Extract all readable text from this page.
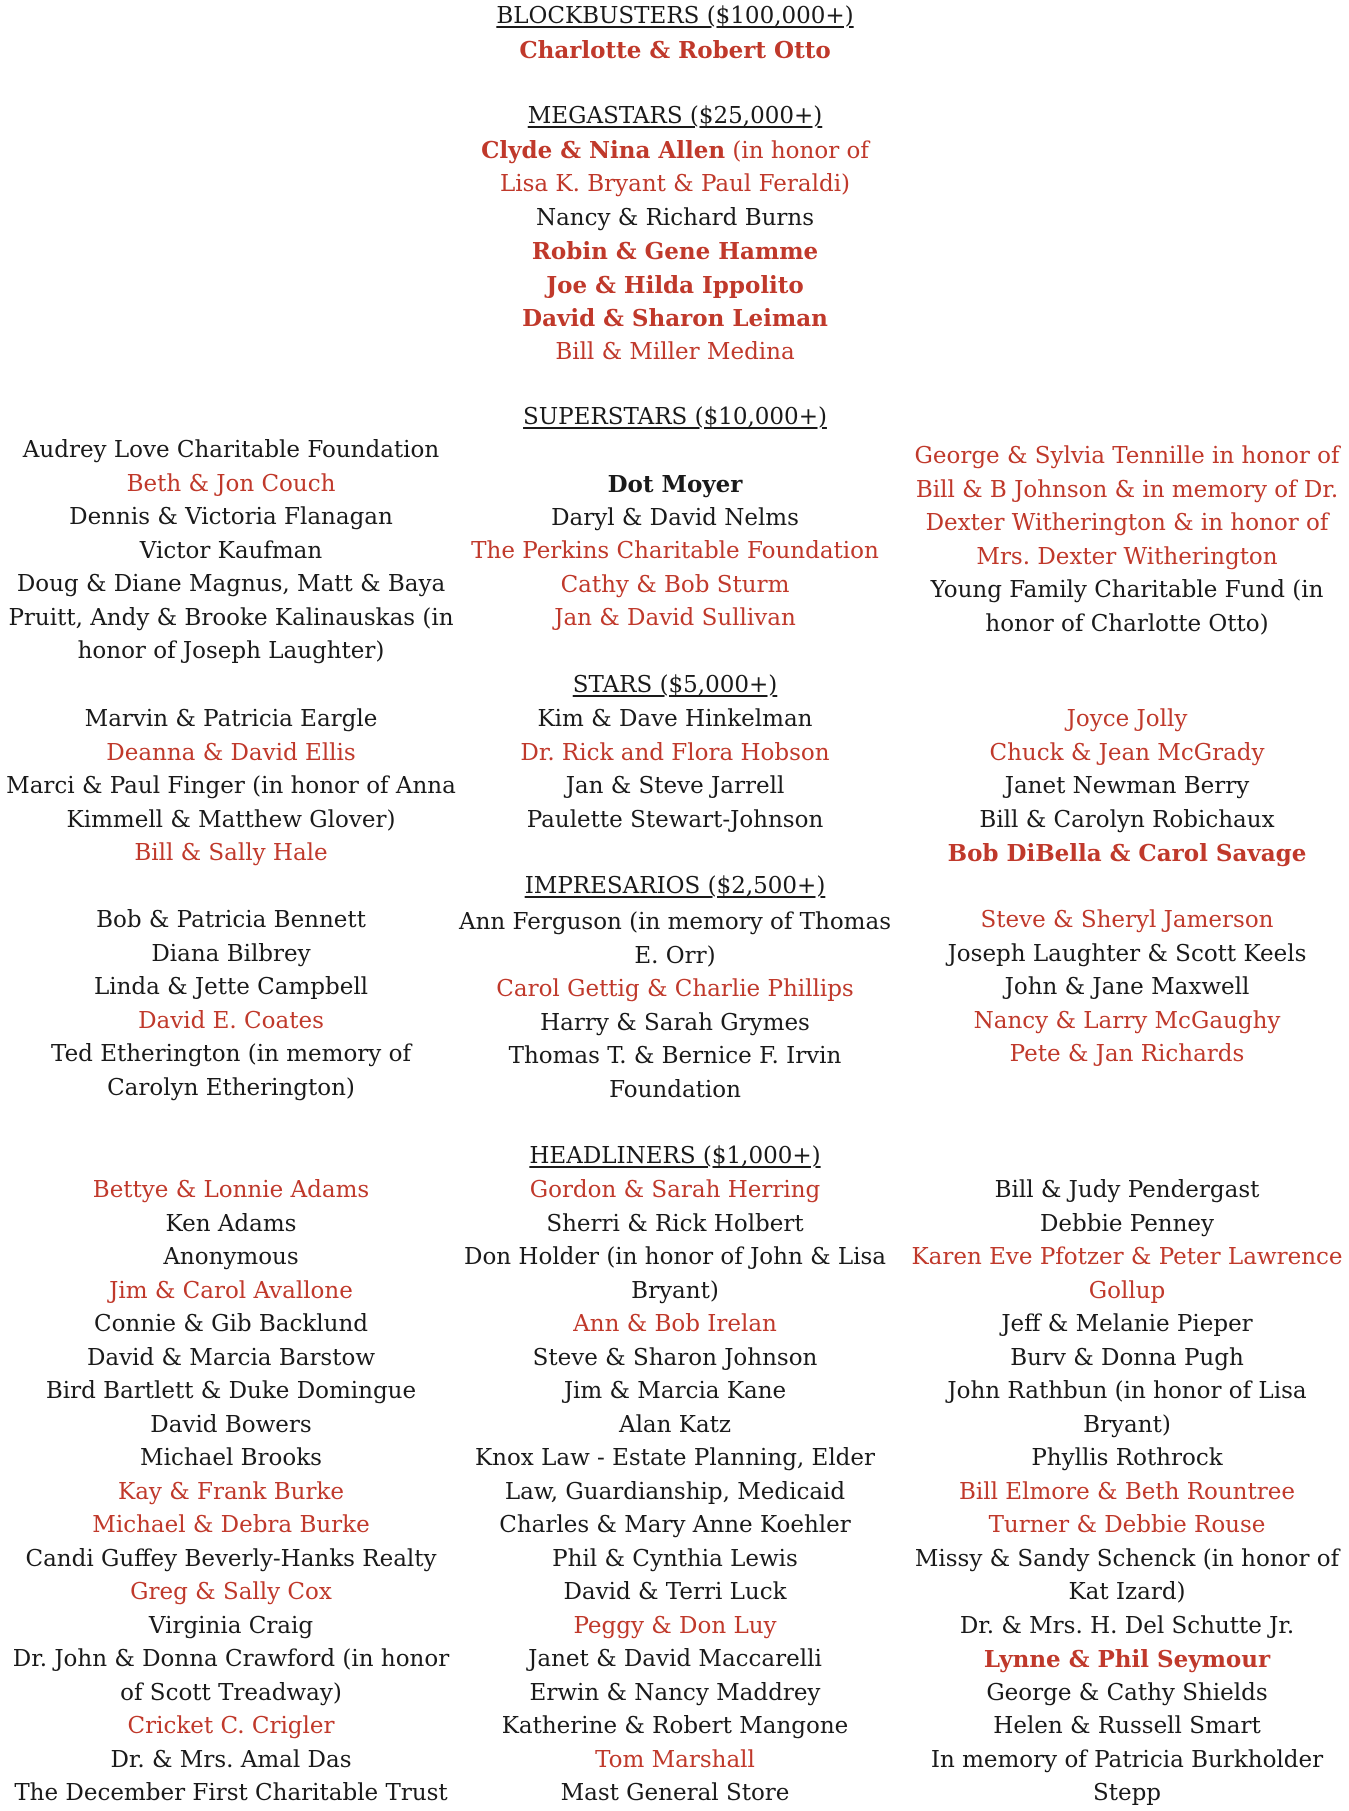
BLOCKBUSTERS ($100,000+)
Charlotte & Robert Otto
MEGASTARS ($25,000+)
Clyde & Nina Allen (in honor of
Lisa K. Bryant & Paul Feraldi)
Nancy & Richard Burns
Robin & Gene Hamme
Joe & Hilda Ippolito
David & Sharon Leiman
Bill & Miller Medina
SUPERSTARS ($10,000+)
Audrey Love Charitable Foundation
Beth & Jon Couch
Dennis & Victoria Flanagan
Victor Kaufman
Doug & Diane Magnus, Matt & Baya
Pruitt, Andy & Brooke Kalinauskas (in
honor of Joseph Laughter)
Dot Moyer
Daryl & David Nelms
The Perkins Charitable Foundation
Cathy & Bob Sturm
Jan & David Sullivan
George & Sylvia Tennille in honor of
Bill & B Johnson & in memory of Dr.
Dexter Witherington & in honor of
Mrs. Dexter Witherington
Young Family Charitable Fund (in
honor of Charlotte Otto)
STARS ($5,000+)
Marvin & Patricia Eargle
Deanna & David Ellis
Marci & Paul Finger (in honor of Anna
Kimmell & Matthew Glover)
Bill & Sally Hale
Kim & Dave Hinkelman
Dr. Rick and Flora Hobson
Jan & Steve Jarrell
Paulette Stewart-Johnson
Joyce Jolly
Chuck & Jean McGrady
Janet Newman Berry
Bill & Carolyn Robichaux
Bob DiBella & Carol Savage
IMPRESARIOS ($2,500+)
Bob & Patricia Bennett
Diana Bilbrey
Linda & Jette Campbell
David E. Coates
Ted Etherington (in memory of
Carolyn Etherington)
Ann Ferguson (in memory of Thomas
E. Orr)
Carol Gettig & Charlie Phillips
Harry & Sarah Grymes
Thomas T. & Bernice F. Irvin
Foundation
Steve & Sheryl Jamerson
Joseph Laughter & Scott Keels
John & Jane Maxwell
Nancy & Larry McGaughy
Pete & Jan Richards
HEADLINERS ($1,000+)
Bettye & Lonnie Adams
Ken Adams
Anonymous
Jim & Carol Avallone
Connie & Gib Backlund
David & Marcia Barstow
Bird Bartlett & Duke Domingue
David Bowers
Michael Brooks
Kay & Frank Burke
Michael & Debra Burke
Candi Guffey Beverly-Hanks Realty
Greg & Sally Cox
Virginia Craig
Dr. John & Donna Crawford (in honor
of Scott Treadway)
Cricket C. Crigler
Dr. & Mrs. Amal Das
The December First Charitable Trust
Gordon & Sarah Herring
Sherri & Rick Holbert
Don Holder (in honor of John & Lisa
Bryant)
Ann & Bob Irelan
Steve & Sharon Johnson
Jim & Marcia Kane
Alan Katz
Knox Law - Estate Planning, Elder
Law, Guardianship, Medicaid
Charles & Mary Anne Koehler
Phil & Cynthia Lewis
David & Terri Luck
Peggy & Don Luy
Janet & David Maccarelli
Erwin & Nancy Maddrey
Katherine & Robert Mangone
Tom Marshall
Mast General Store
Bill & Judy Pendergast
Debbie Penney
Karen Eve Pfotzer & Peter Lawrence
Gollup
Jeff & Melanie Pieper
Burv & Donna Pugh
John Rathbun (in honor of Lisa
Bryant)
Phyllis Rothrock
Bill Elmore & Beth Rountree
Turner & Debbie Rouse
Missy & Sandy Schenck (in honor of
Kat Izard)
Dr. & Mrs. H. Del Schutte Jr.
Lynne & Phil Seymour
George & Cathy Shields
Helen & Russell Smart
In memory of Patricia Burkholder
Stepp
